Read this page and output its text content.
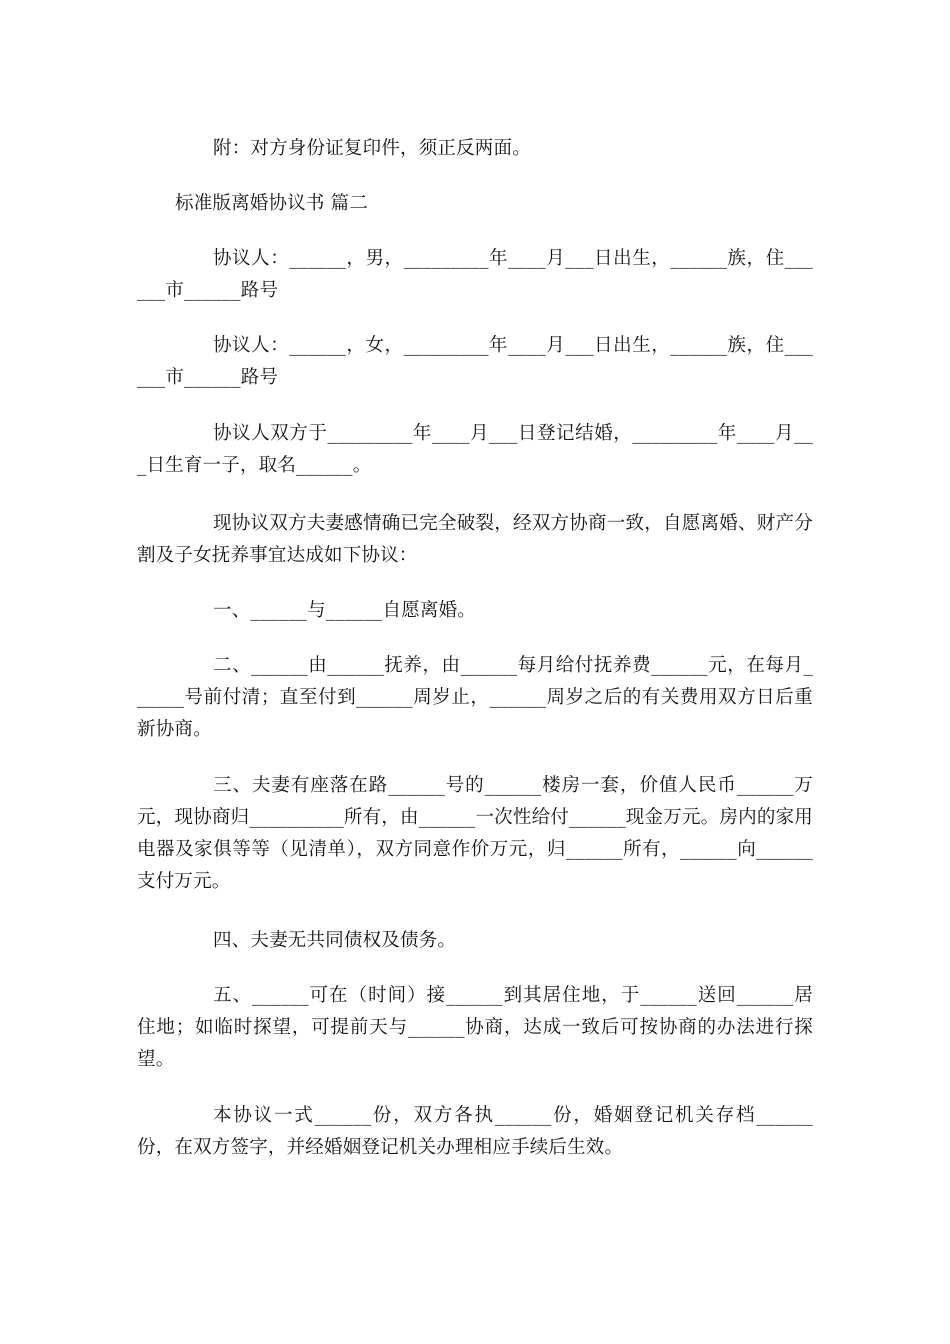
附：对方身份证复印件，须正反两面。

标准版离婚协议书 篇二

协议人：______，男，_________年____月___日出生，______族，住______市______路号

协议人：______，女，_________年____月___日出生，______族，住______市______路号

协议人双方于_________年____月___日登记结婚，_________年____月___日生育一子，取名______。

现协议双方夫妻感情确已完全破裂，经双方协商一致，自愿离婚、财产分割及子女抚养事宜达成如下协议：

一、______与______自愿离婚。

二、______由______抚养，由______每月给付抚养费______元，在每月______号前付清；直至付到______周岁止，______周岁之后的有关费用双方日后重新协商。

三、夫妻有座落在路______号的______楼房一套，价值人民币______万元，现协商归__________所有，由______一次性给付______现金万元。房内的家用电器及家俱等等（见清单），双方同意作价万元，归______所有，______向______支付万元。

四、夫妻无共同债权及债务。

五、______可在（时间）接______到其居住地，于______送回______居住地；如临时探望，可提前天与______协商，达成一致后可按协商的办法进行探望。

本协议一式______份，双方各执______份，婚姻登记机关存档______份，在双方签字，并经婚姻登记机关办理相应手续后生效。
